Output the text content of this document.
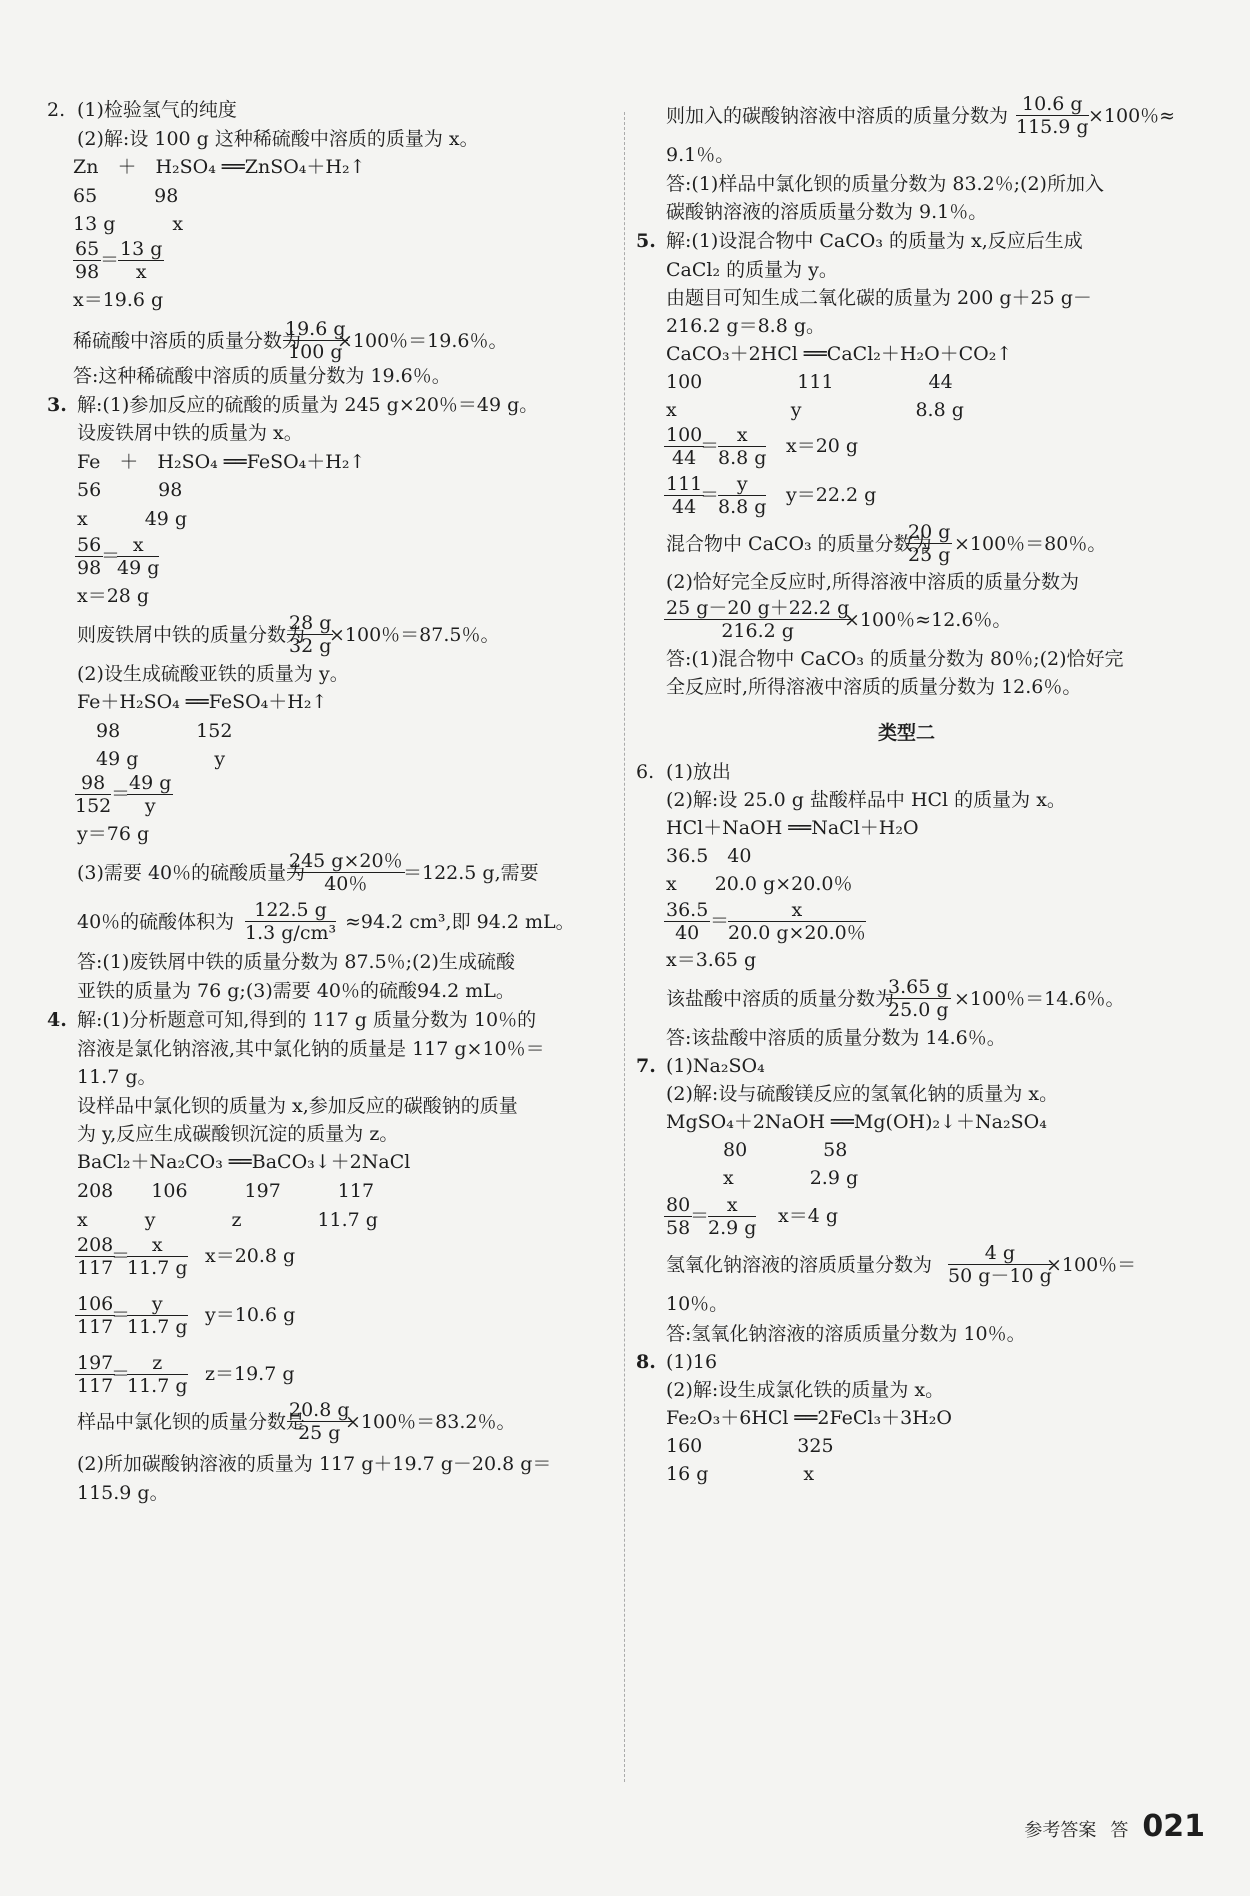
2. (1)检验氢气的纯度
(2)解:设 100 g 这种稀硫酸中溶质的质量为 x。
Zn　＋　H₂SO₄ ══ZnSO₄＋H₂↑
65　　　98
13 g　　　x
$\frac{65}{98}$
＝
$\frac{13 g}{x}$
x＝19.6 g
稀硫酸中溶质的质量分数为
$\frac{19.6 g}{100 g}$
×100％＝19.6％。
答:这种稀硫酸中溶质的质量分数为 19.6％。
3. 解:(1)参加反应的硫酸的质量为 245 g×20％＝49 g。
设废铁屑中铁的质量为 x。
Fe　＋　H₂SO₄ ══FeSO₄＋H₂↑
56　　　98
x　　　49 g
$\frac{56}{98}$
＝
$\frac{x}{49 g}$
x＝28 g
则废铁屑中铁的质量分数为
$\frac{28 g}{32 g}$
×100％＝87.5％。
(2)设生成硫酸亚铁的质量为 y。
Fe＋H₂SO₄ ══FeSO₄＋H₂↑
　98　　　　152
　49 g　　　　y
$\frac{98}{152}$ ＝
$\frac{49 g}{y}$
y＝76 g
(3)需要 40％的硫酸质量为
$\frac{245 g\times 20\%}{40\%}$
＝122.5 g,需要
40％的硫酸体积为 $\frac{122.5 g}{\text{1.3 g/cm³}} \approx 94.2$ cm³,即 94.2 mL。
答:(1)废铁屑中铁的质量分数为 87.5％;(2)生成硫酸
亚铁的质量为 76 g;(3)需要 40％的硫酸94.2 mL。
4. 解:(1)分析题意可知,得到的 117 g 质量分数为 10％的
溶液是氯化钠溶液,其中氯化钠的质量是 117 g×10％＝
11.7 g。
设样品中氯化钡的质量为 x,参加反应的碳酸钠的质量
为 y,反应生成碳酸钡沉淀的质量为 z。
BaCl₂＋Na₂CO₃ ══BaCO₃↓＋2NaCl
208　　106　　　197　　　117
x　　　y　　　　z　　　　11.7 g
$\frac{208}{117}$
＝
$\frac{x}{11.7 g} x=20.8$ g
$\frac{106}{117}$
＝
$\frac{y}{11.7 g} y=10.6$ g
$\frac{197}{117}$
＝
$\frac{z}{11.7 g} z=19.7$ g
样品中氯化钡的质量分数是
$\frac{20.8 g}{25 g}$
×100％＝83.2％。
(2)所加碳酸钠溶液的质量为 117 g＋19.7 g－20.8 g＝
115.9 g。
则加入的碳酸钠溶液中溶质的质量分数为 $\frac{10.6 g}{115.9 g} \times 100$％≈
9.1％。
答:(1)样品中氯化钡的质量分数为 83.2％;(2)所加入
碳酸钠溶液的溶质质量分数为 9.1％。
5. 解:(1)设混合物中 CaCO₃ 的质量为 x,反应后生成
CaCl₂ 的质量为 y。
由题目可知生成二氧化碳的质量为 200 g＋25 g－
216.2 g＝8.8 g。
CaCO₃＋2HCl ══CaCl₂＋H₂O＋CO₂↑
100　　　　　111　　　　　44
x　　　　　　y　　　　　　8.8 g
$\frac{100}{44}$
＝
$\frac{x}{8.8 g} x=20$ g
$\frac{111}{44}$
＝
$\frac{y}{8.8 g} y=22.2$ g
混合物中 CaCO₃ 的质量分数为
$\frac{20 g}{25 g} \times 100$％＝80％。
(2)恰好完全反应时,所得溶液中溶质的质量分数为
$\frac{25 g-20 g+22.2 g}{216.2 g}$
×100％≈12.6％。
答:(1)混合物中 CaCO₃ 的质量分数为 80％;(2)恰好完
全反应时,所得溶液中溶质的质量分数为 12.6％。
类型二
6. (1)放出
(2)解:设 25.0 g 盐酸样品中 HCl 的质量为 x。
HCl＋NaOH ══NaCl＋H₂O
36.5　40
x　　20.0 g×20.0％
$\frac{36.5}{40}$ ＝
$\frac{x}{20.0 g\times 20.0\%}$
x＝3.65 g
该盐酸中溶质的质量分数为
$\frac{3.65 g}{25.0 g} \times 100$％＝14.6％。
答:该盐酸中溶质的质量分数为 14.6％。
7. (1)Na₂SO₄
(2)解:设与硫酸镁反应的氢氧化钠的质量为 x。
MgSO₄＋2NaOH ══Mg(OH)₂↓＋Na₂SO₄
　　　80　　　　58
　　　x　　　　2.9 g
$\frac{80}{58}$
＝
$\frac{x}{2.9 g} x=4$ g
氢氧化钠溶液的溶质质量分数为 $\frac{4 g}{50 g-10 g}$
×100％＝
10％。
答:氢氧化钠溶液的溶质质量分数为 10％。
8. (1)16
(2)解:设生成氯化铁的质量为 x。
Fe₂O₃＋6HCl ══2FeCl₃＋3H₂O
160　　　　　325
16 g　　　　　x
参考答案 答 021
